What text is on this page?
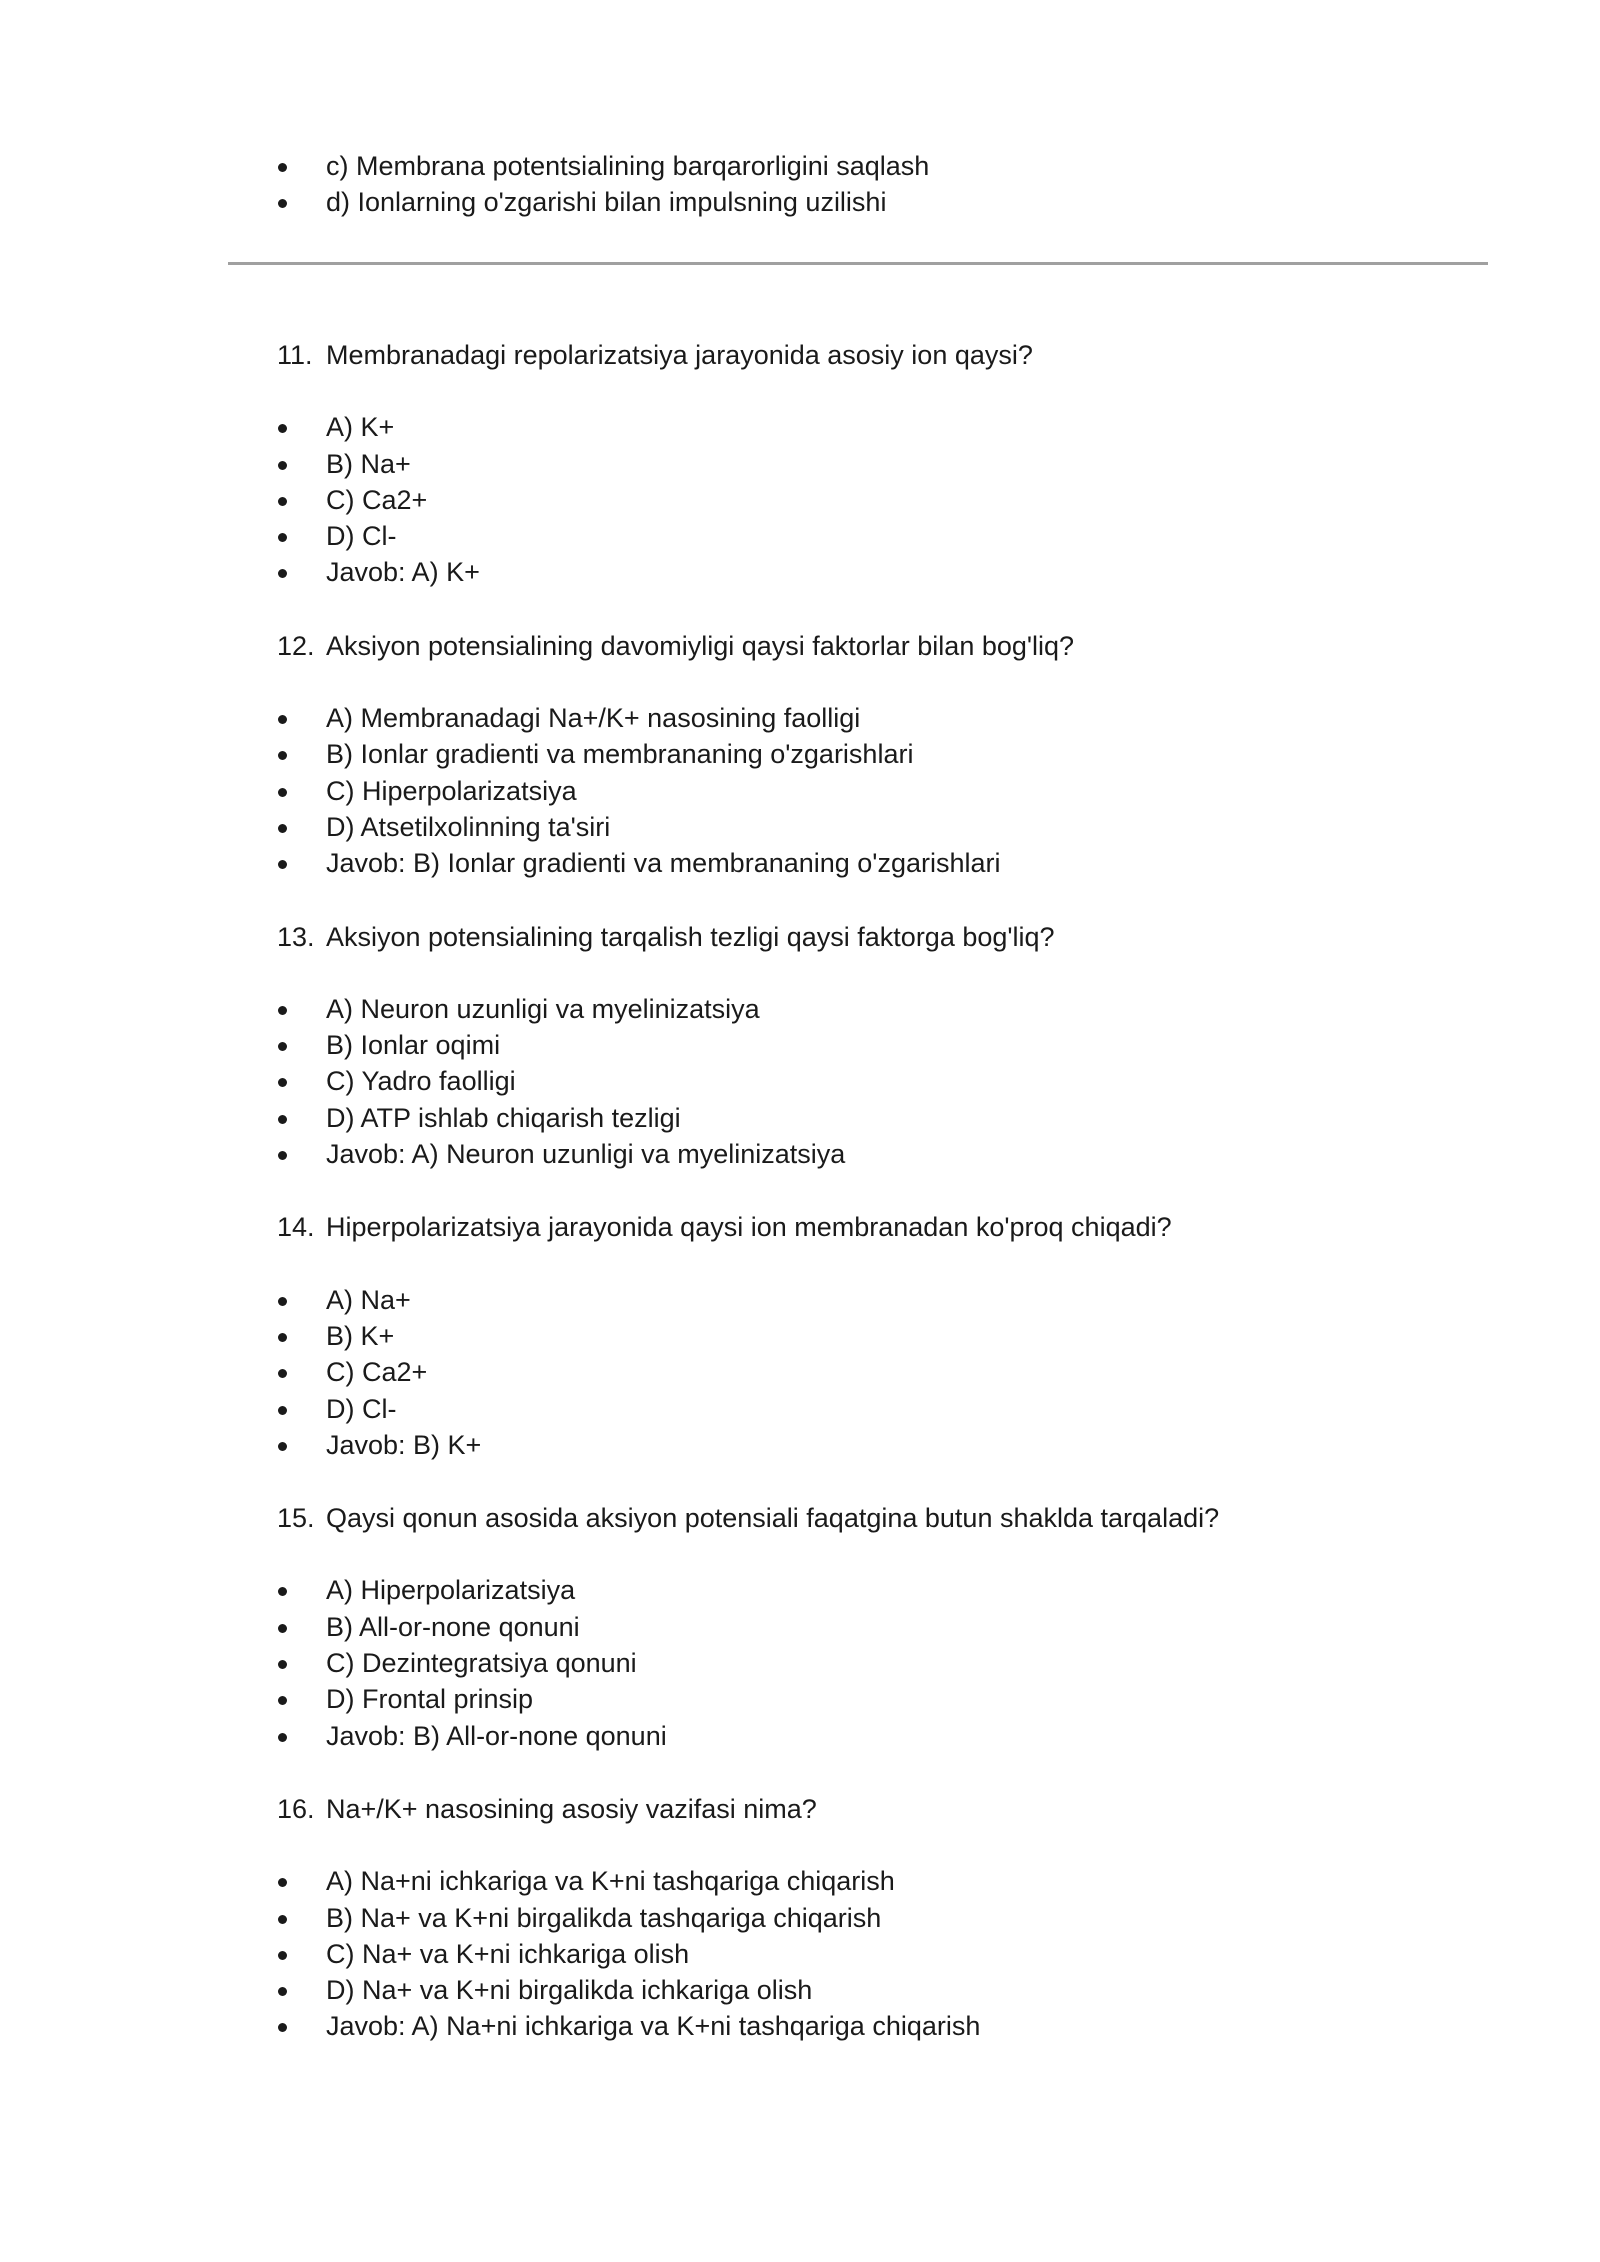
c) Membrana potentsialining barqarorligini saqlash
d) Ionlarning o'zgarishi bilan impulsning uzilishi
11. Membranadagi repolarizatsiya jarayonida asosiy ion qaysi?
A) K+
B) Na+
C) Ca2+
D) Cl-
Javob: A) K+
12. Aksiyon potensialining davomiyligi qaysi faktorlar bilan bog'liq?
A) Membranadagi Na+/K+ nasosining faolligi
B) Ionlar gradienti va membrananing o'zgarishlari
C) Hiperpolarizatsiya
D) Atsetilxolinning ta'siri
Javob: B) Ionlar gradienti va membrananing o'zgarishlari
13. Aksiyon potensialining tarqalish tezligi qaysi faktorga bog'liq?
A) Neuron uzunligi va myelinizatsiya
B) Ionlar oqimi
C) Yadro faolligi
D) ATP ishlab chiqarish tezligi
Javob: A) Neuron uzunligi va myelinizatsiya
14. Hiperpolarizatsiya jarayonida qaysi ion membranadan ko'proq chiqadi?
A) Na+
B) K+
C) Ca2+
D) Cl-
Javob: B) K+
15. Qaysi qonun asosida aksiyon potensiali faqatgina butun shaklda tarqaladi?
A) Hiperpolarizatsiya
B) All-or-none qonuni
C) Dezintegratsiya qonuni
D) Frontal prinsip
Javob: B) All-or-none qonuni
16. Na+/K+ nasosining asosiy vazifasi nima?
A) Na+ni ichkariga va K+ni tashqariga chiqarish
B) Na+ va K+ni birgalikda tashqariga chiqarish
C) Na+ va K+ni ichkariga olish
D) Na+ va K+ni birgalikda ichkariga olish
Javob: A) Na+ni ichkariga va K+ni tashqariga chiqarish
